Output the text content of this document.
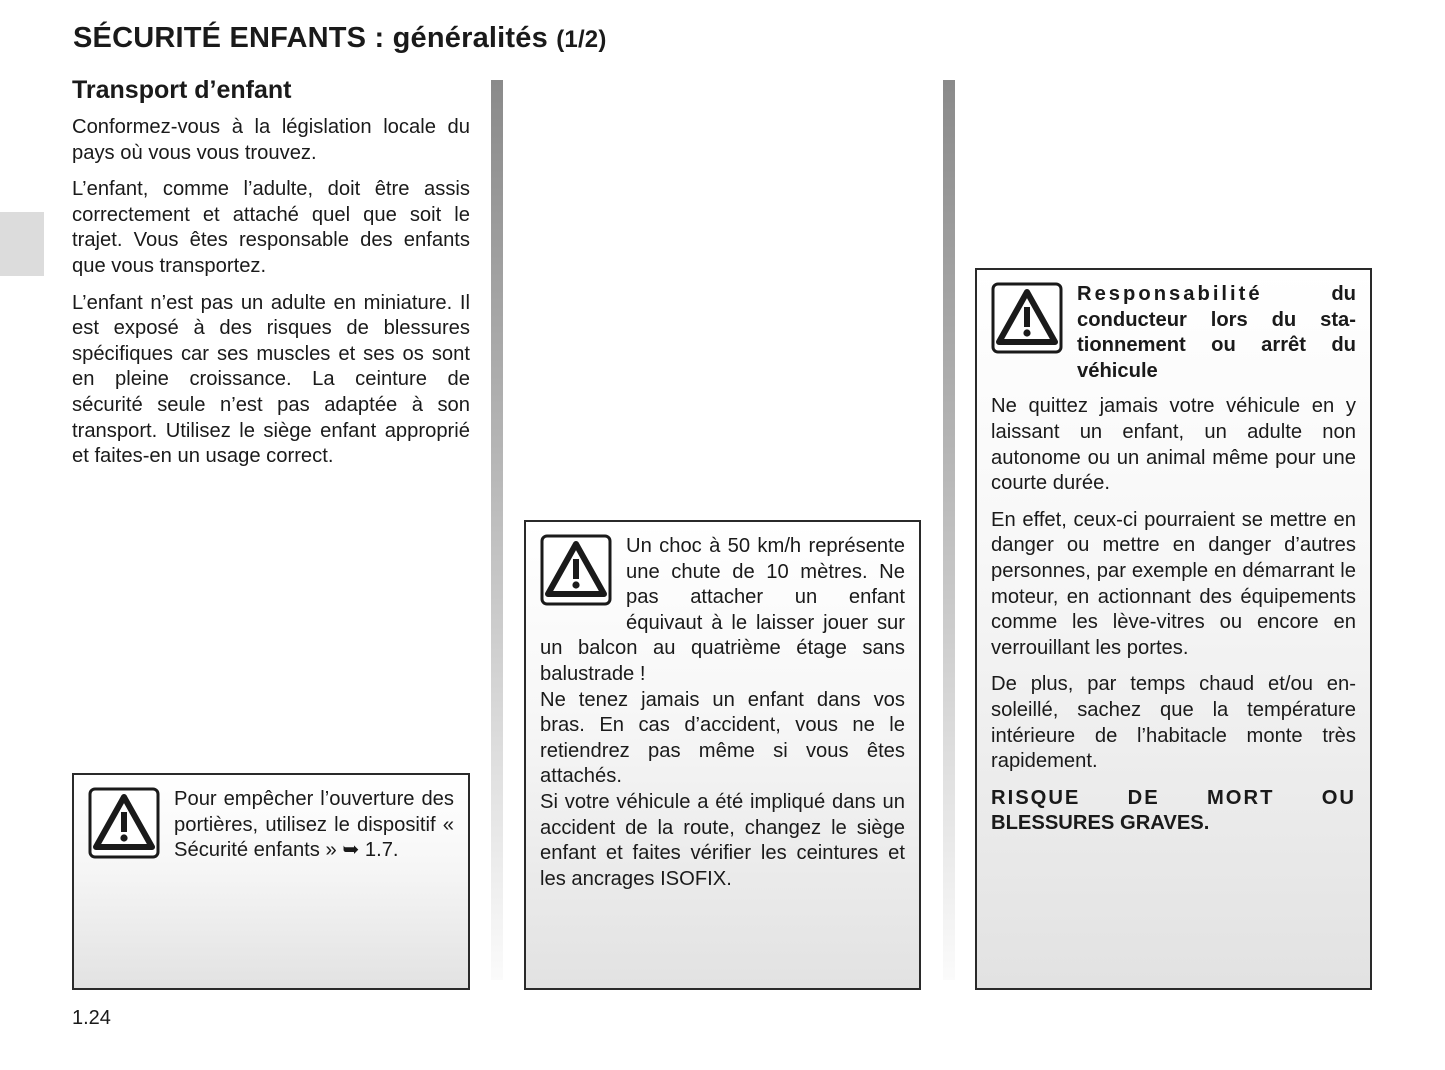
SÉCURITÉ ENFANTS : généralités (1/2)
Transport d’enfant

Conformez-vous à la législation locale du pays où vous vous trouvez.

L’enfant, comme l’adulte, doit être assis correctement et attaché quel que soit le trajet. Vous êtes responsable des enfants que vous transportez.

L’enfant n’est pas un adulte en miniature. Il est exposé à des risques de blessures spécifiques car ses muscles et ses os sont en pleine croissance. La ceinture de sécurité seule n’est pas adaptée à son transport. Utilisez le siège enfant approprié et faites-en un usage correct.

Pour empêcher l’ouverture des portières, utilisez le dispositif « Sécurité enfants » ➥ 1.7.

Un choc à 50 km/h représente une chute de 10 mètres. Ne pas attacher un enfant équivaut à le laisser jouer sur un balcon au quatrième étage sans balustrade !

Ne tenez jamais un enfant dans vos bras. En cas d’accident, vous ne le retiendrez pas même si vous êtes attachés.

Si votre véhicule a été impliqué dans un accident de la route, changez le siège enfant et faites vérifier les ceintures et les ancrages ISOFIX.

Responsabilité	du conducteur lors du stationnement ou arrêt du véhicule

Ne quittez jamais votre véhicule en y laissant un enfant, un adulte non autonome ou un animal même pour une courte durée.

En effet, ceux-ci pourraient se mettre en danger ou mettre en danger d’autres personnes, par exemple en démarrant le moteur, en actionnant des équipements comme les lève-vitres ou encore en verrouillant les portes.

De plus, par temps chaud et/ou ensoleillé, sachez que la température intérieure de l’habitacle monte très rapidement.

RISQUE DE MORT OU
BLESSURES GRAVES.
1.24
